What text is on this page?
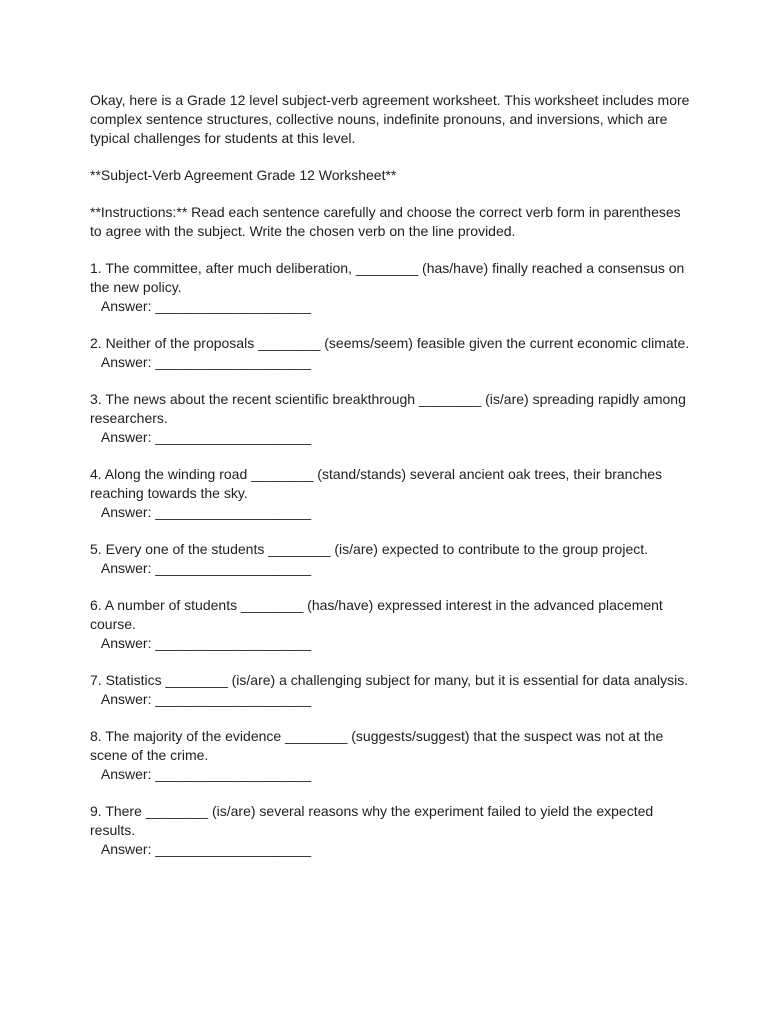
Okay, here is a Grade 12 level subject-verb agreement worksheet. This worksheet includes more complex sentence structures, collective nouns, indefinite pronouns, and inversions, which are typical challenges for students at this level.

**Subject-Verb Agreement Grade 12 Worksheet**

**Instructions:** Read each sentence carefully and choose the correct verb form in parentheses to agree with the subject. Write the chosen verb on the line provided.

1. The committee, after much deliberation, ________ (has/have) finally reached a consensus on the new policy.

Answer: ____________________

2. Neither of the proposals ________ (seems/seem) feasible given the current economic climate.

Answer: ____________________

3. The news about the recent scientific breakthrough ________ (is/are) spreading rapidly among researchers.

Answer: ____________________

4. Along the winding road ________ (stand/stands) several ancient oak trees, their branches reaching towards the sky.

Answer: ____________________

5. Every one of the students ________ (is/are) expected to contribute to the group project.

Answer: ____________________

6. A number of students ________ (has/have) expressed interest in the advanced placement course.

Answer: ____________________

7. Statistics ________ (is/are) a challenging subject for many, but it is essential for data analysis.

Answer: ____________________

8. The majority of the evidence ________ (suggests/suggest) that the suspect was not at the scene of the crime.

Answer: ____________________

9. There ________ (is/are) several reasons why the experiment failed to yield the expected results.

Answer: ____________________
